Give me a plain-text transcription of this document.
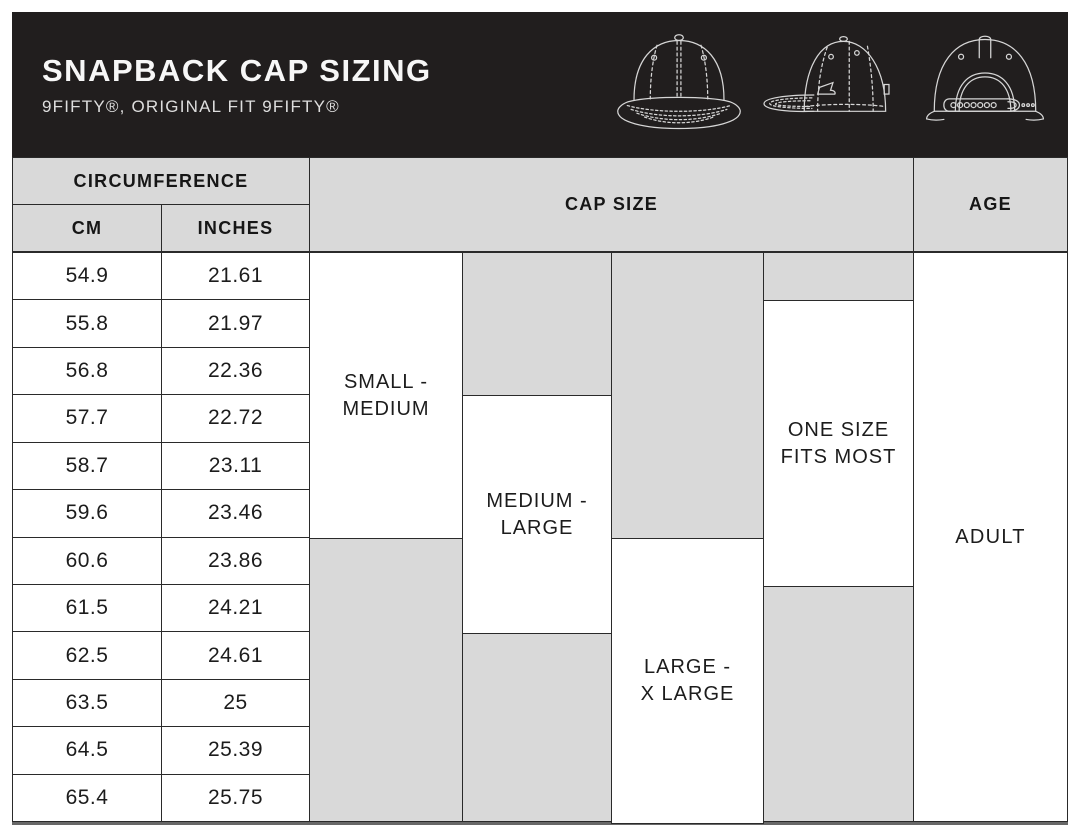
SNAPBACK CAP SIZING
9FIFTY®, ORIGINAL FIT 9FIFTY®
CIRCUMFERENCE
CM	INCHES
CAP SIZE	AGE
54.9
55.8
56.8
57.7
58.7
59.6
60.6
61.5
62.5
63.5
64.5
65.4
21.61
21.97
22.36
22.72
23.11
23.46
23.86
24.21
24.61
25
25.39
25.75
SMALL -
MEDIUM
MEDIUM -
LARGE
LARGE -
X LARGE
ONE SIZE
FITS MOST
ADULT
